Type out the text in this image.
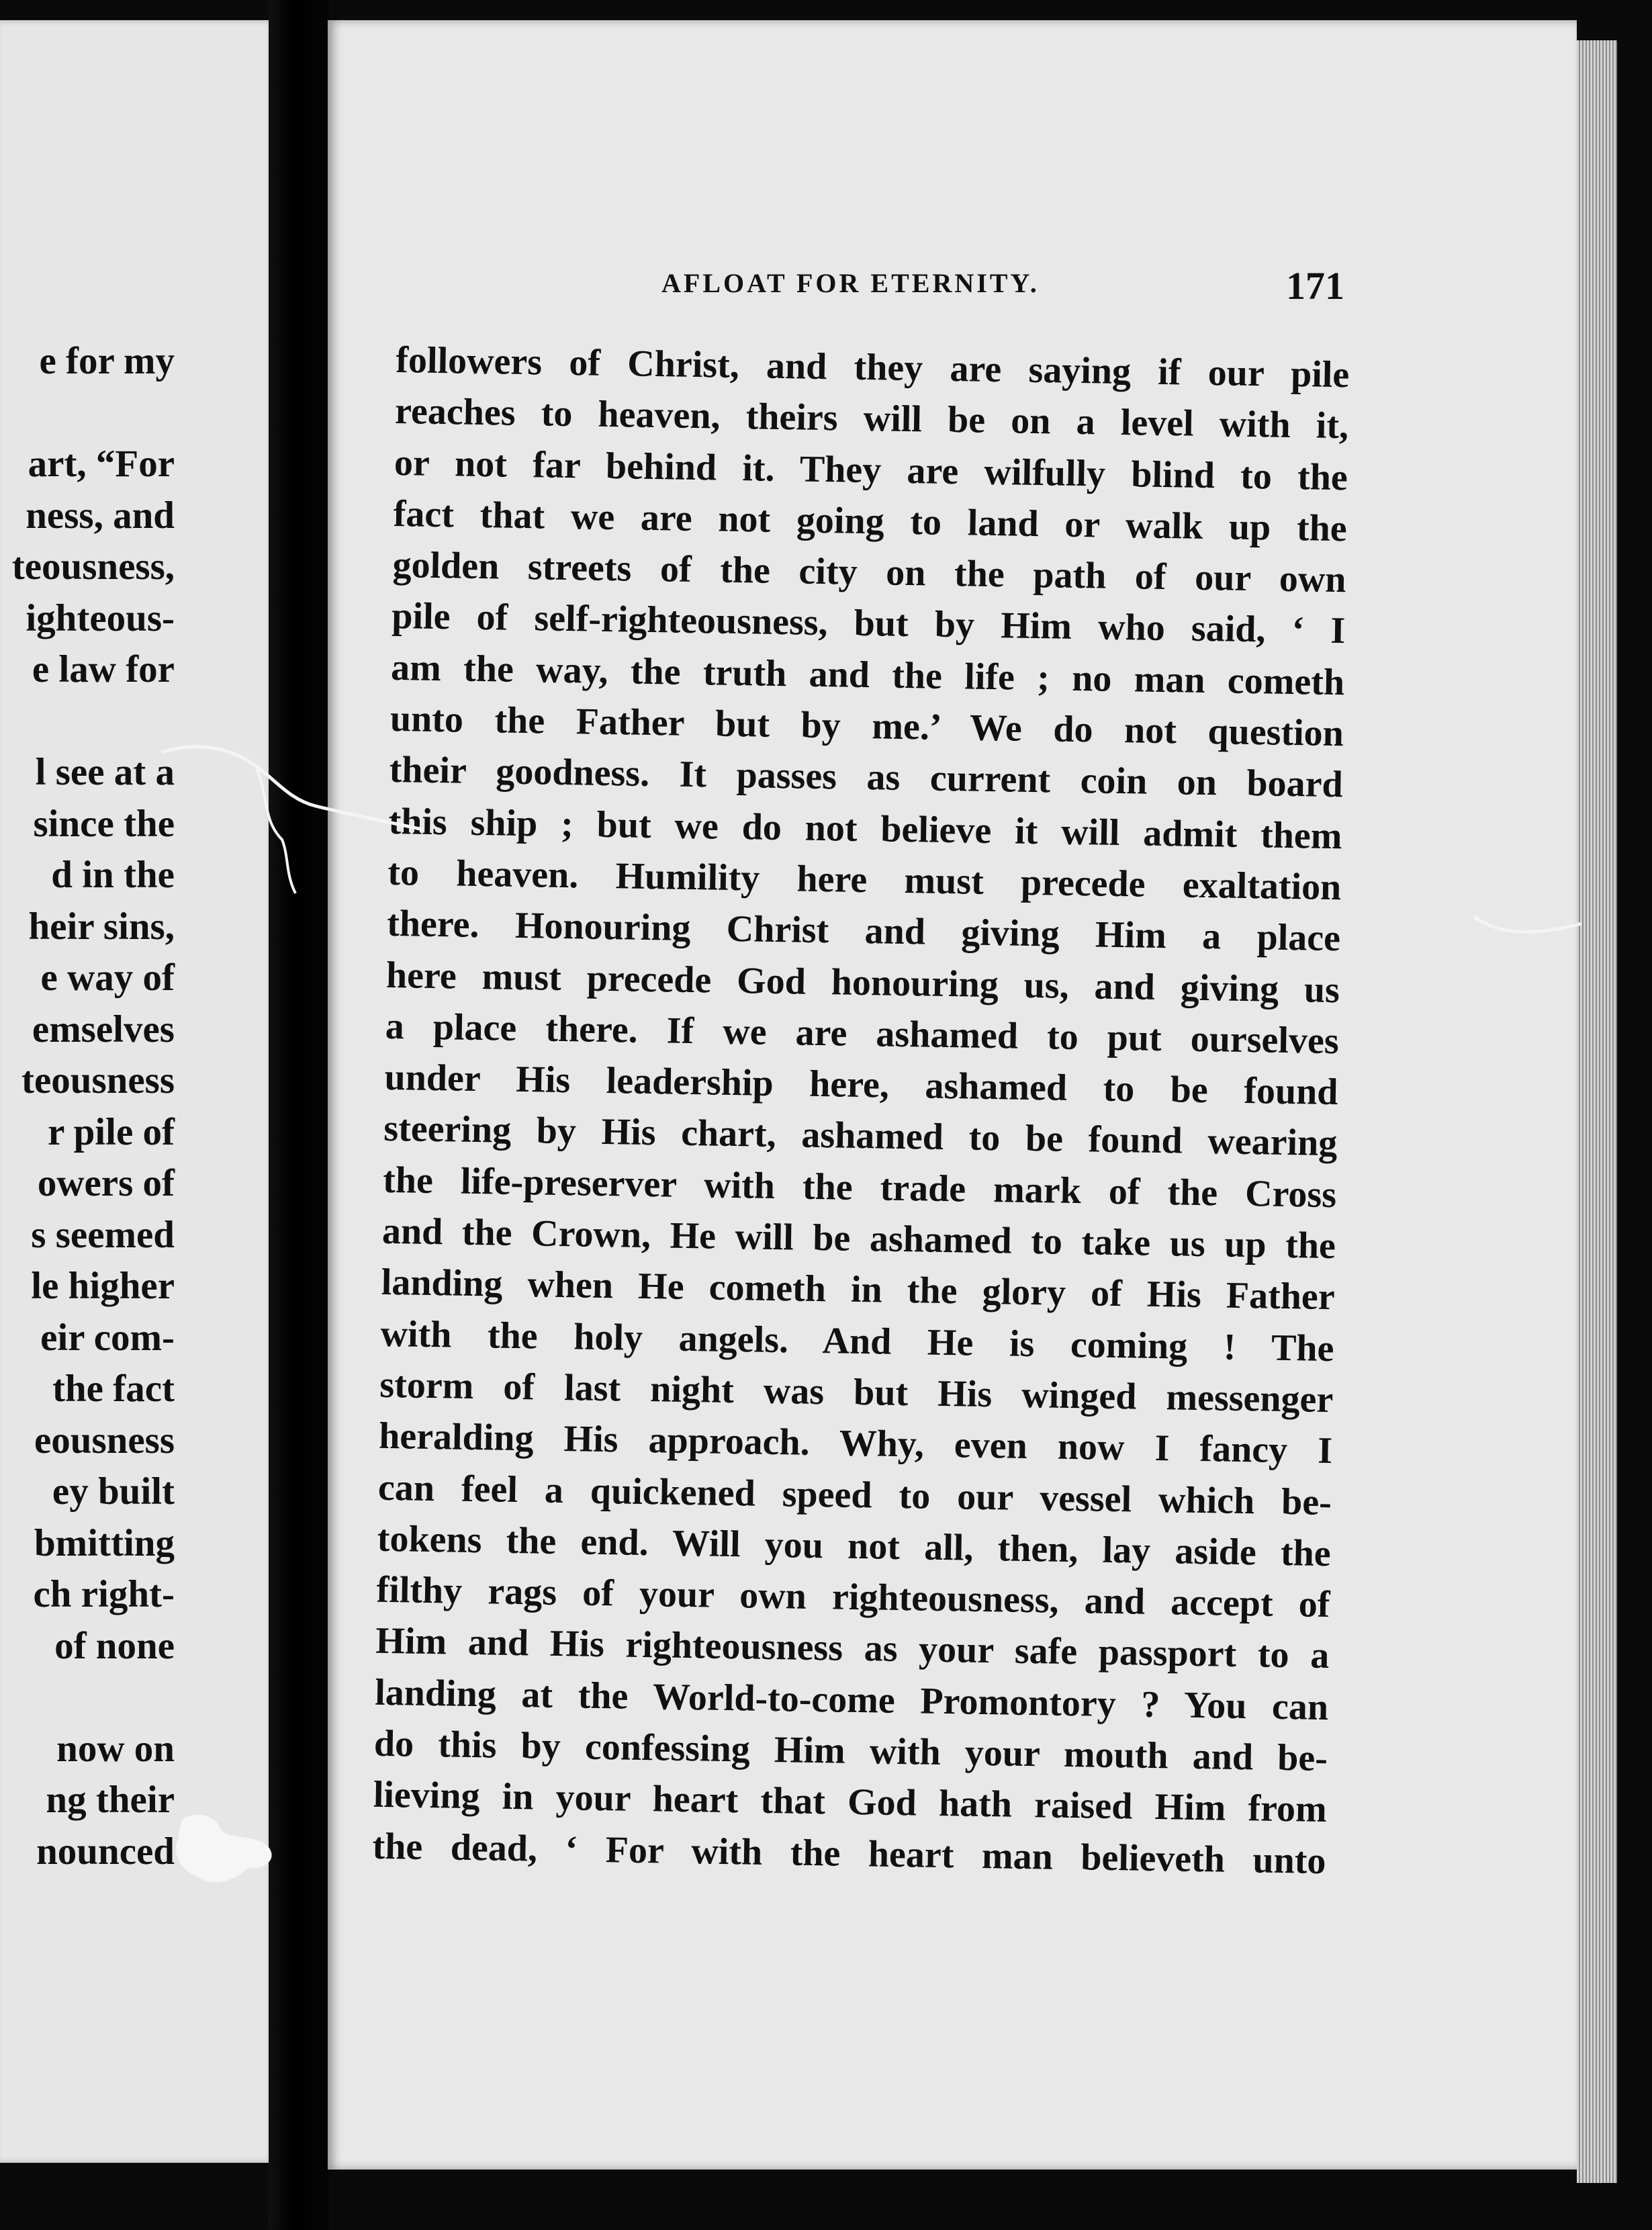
e for my
art, “For
ness, and
teousness,
ighteous-
e law for
l see at a
since the
d in the
heir sins,
e way of
emselves
teousness
r pile of
owers of
s seemed
le higher
eir com-
the fact
eousness
ey built
bmitting
ch right-
of none
now on
ng their
nounced
AFLOAT FOR ETERNITY.	171
followers of Christ, and they are saying if our pile
reaches to heaven, theirs will be on a level with it,
or not far behind it. They are wilfully blind to the
fact that we are not going to land or walk up the
golden streets of the city on the path of our own
pile of self-righteousness, but by Him who said, ‘ I
am the way, the truth and the life ; no man cometh
unto the Father but by me.’ We do not question
their goodness. It passes as current coin on board
this ship ; but we do not believe it will admit them
to heaven. Humility here must precede exaltation
there. Honouring Christ and giving Him a place
here must precede God honouring us, and giving us
a place there. If we are ashamed to put ourselves
under His leadership here, ashamed to be found
steering by His chart, ashamed to be found wearing
the life-preserver with the trade mark of the Cross
and the Crown, He will be ashamed to take us up the
landing when He cometh in the glory of His Father
with the holy angels. And He is coming ! The
storm of last night was but His winged messenger
heralding His approach. Why, even now I fancy I
can feel a quickened speed to our vessel which be-
tokens the end. Will you not all, then, lay aside the
filthy rags of your own righteousness, and accept of
Him and His righteousness as your safe passport to a
landing at the World-to-come Promontory ? You can
do this by confessing Him with your mouth and be-
lieving in your heart that God hath raised Him from
the dead, ‘ For with the heart man believeth unto
